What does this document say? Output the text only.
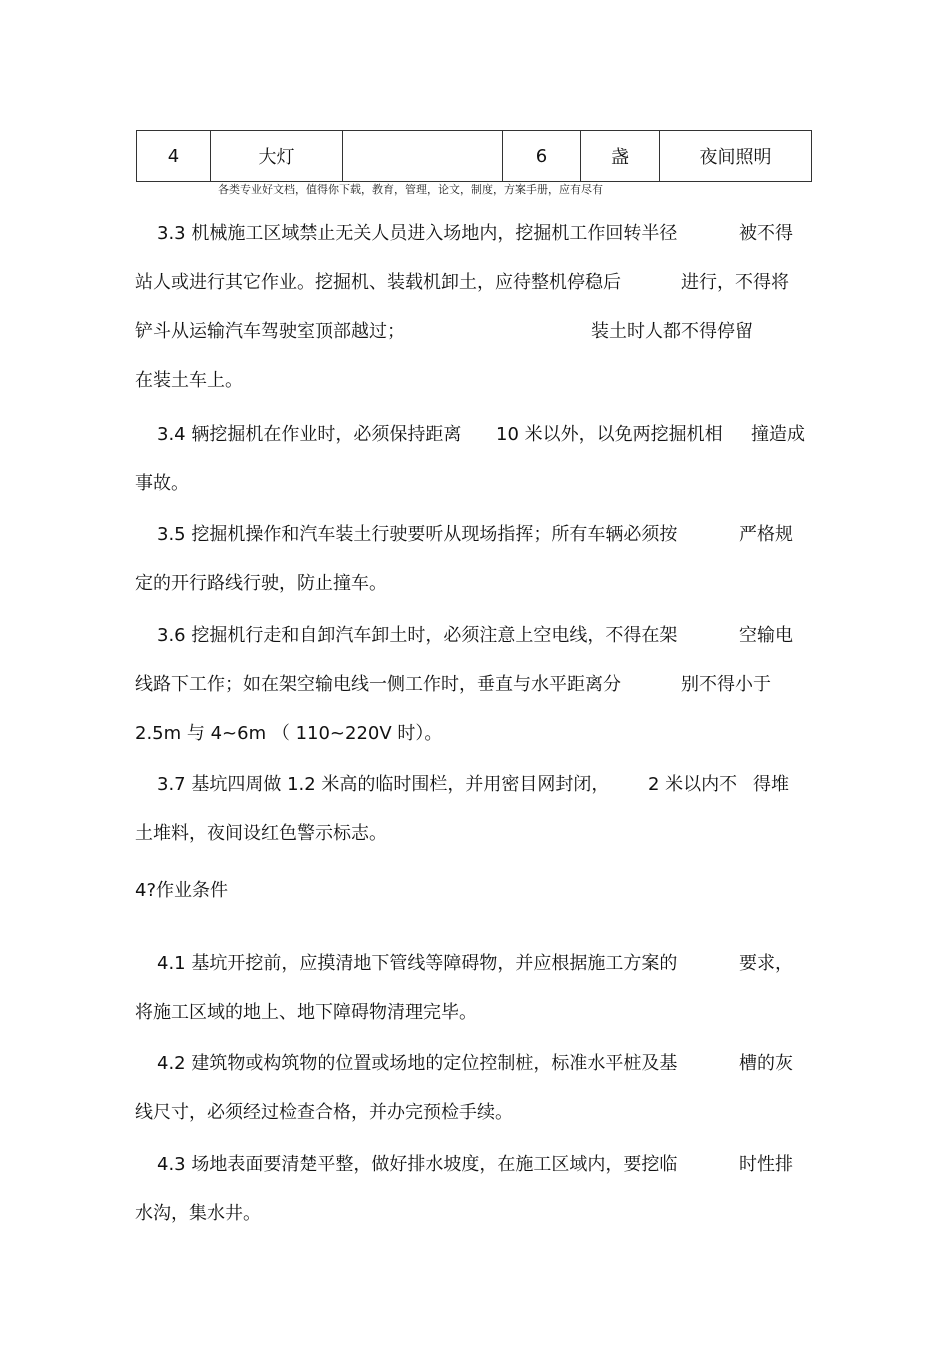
4	大灯		6	盏	夜间照明
各类专业好文档，值得你下载，教育，管理，论文，制度，方案手册，应有尽有
3.3 机械施工区域禁止无关人员进入场地内，挖掘机工作回转半径	被不得
站人或进行其它作业。挖掘机、装载机卸土，应待整机停稳后	进行，不得将
铲斗从运输汽车驾驶室顶部越过；	装土时人都不得停留
在装土车上。
3.4 辆挖掘机在作业时，必须保持距离 10 米以外，以免两挖掘机相 撞造成
事故。
3.5 挖掘机操作和汽车装土行驶要听从现场指挥；所有车辆必须按	严格规
定的开行路线行驶，防止撞车。
3.6 挖掘机行走和自卸汽车卸土时，必须注意上空电线，不得在架	空输电
线路下工作；如在架空输电线一侧工作时，垂直与水平距离分	别不得小于
2.5m 与 4~6m （ 110~220V 时）。
3.7 基坑四周做 1.2 米高的临时围栏，并用密目网封闭， 2 米以内不 得堆
土堆料，夜间设红色警示标志。
4?作业条件
4.1 基坑开挖前，应摸清地下管线等障碍物，并应根据施工方案的	要求，
将施工区域的地上、地下障碍物清理完毕。
4.2 建筑物或构筑物的位置或场地的定位控制桩，标准水平桩及基	槽的灰
线尺寸，必须经过检查合格，并办完预检手续。
4.3 场地表面要清楚平整，做好排水坡度，在施工区域内，要挖临	时性排
水沟，集水井。
